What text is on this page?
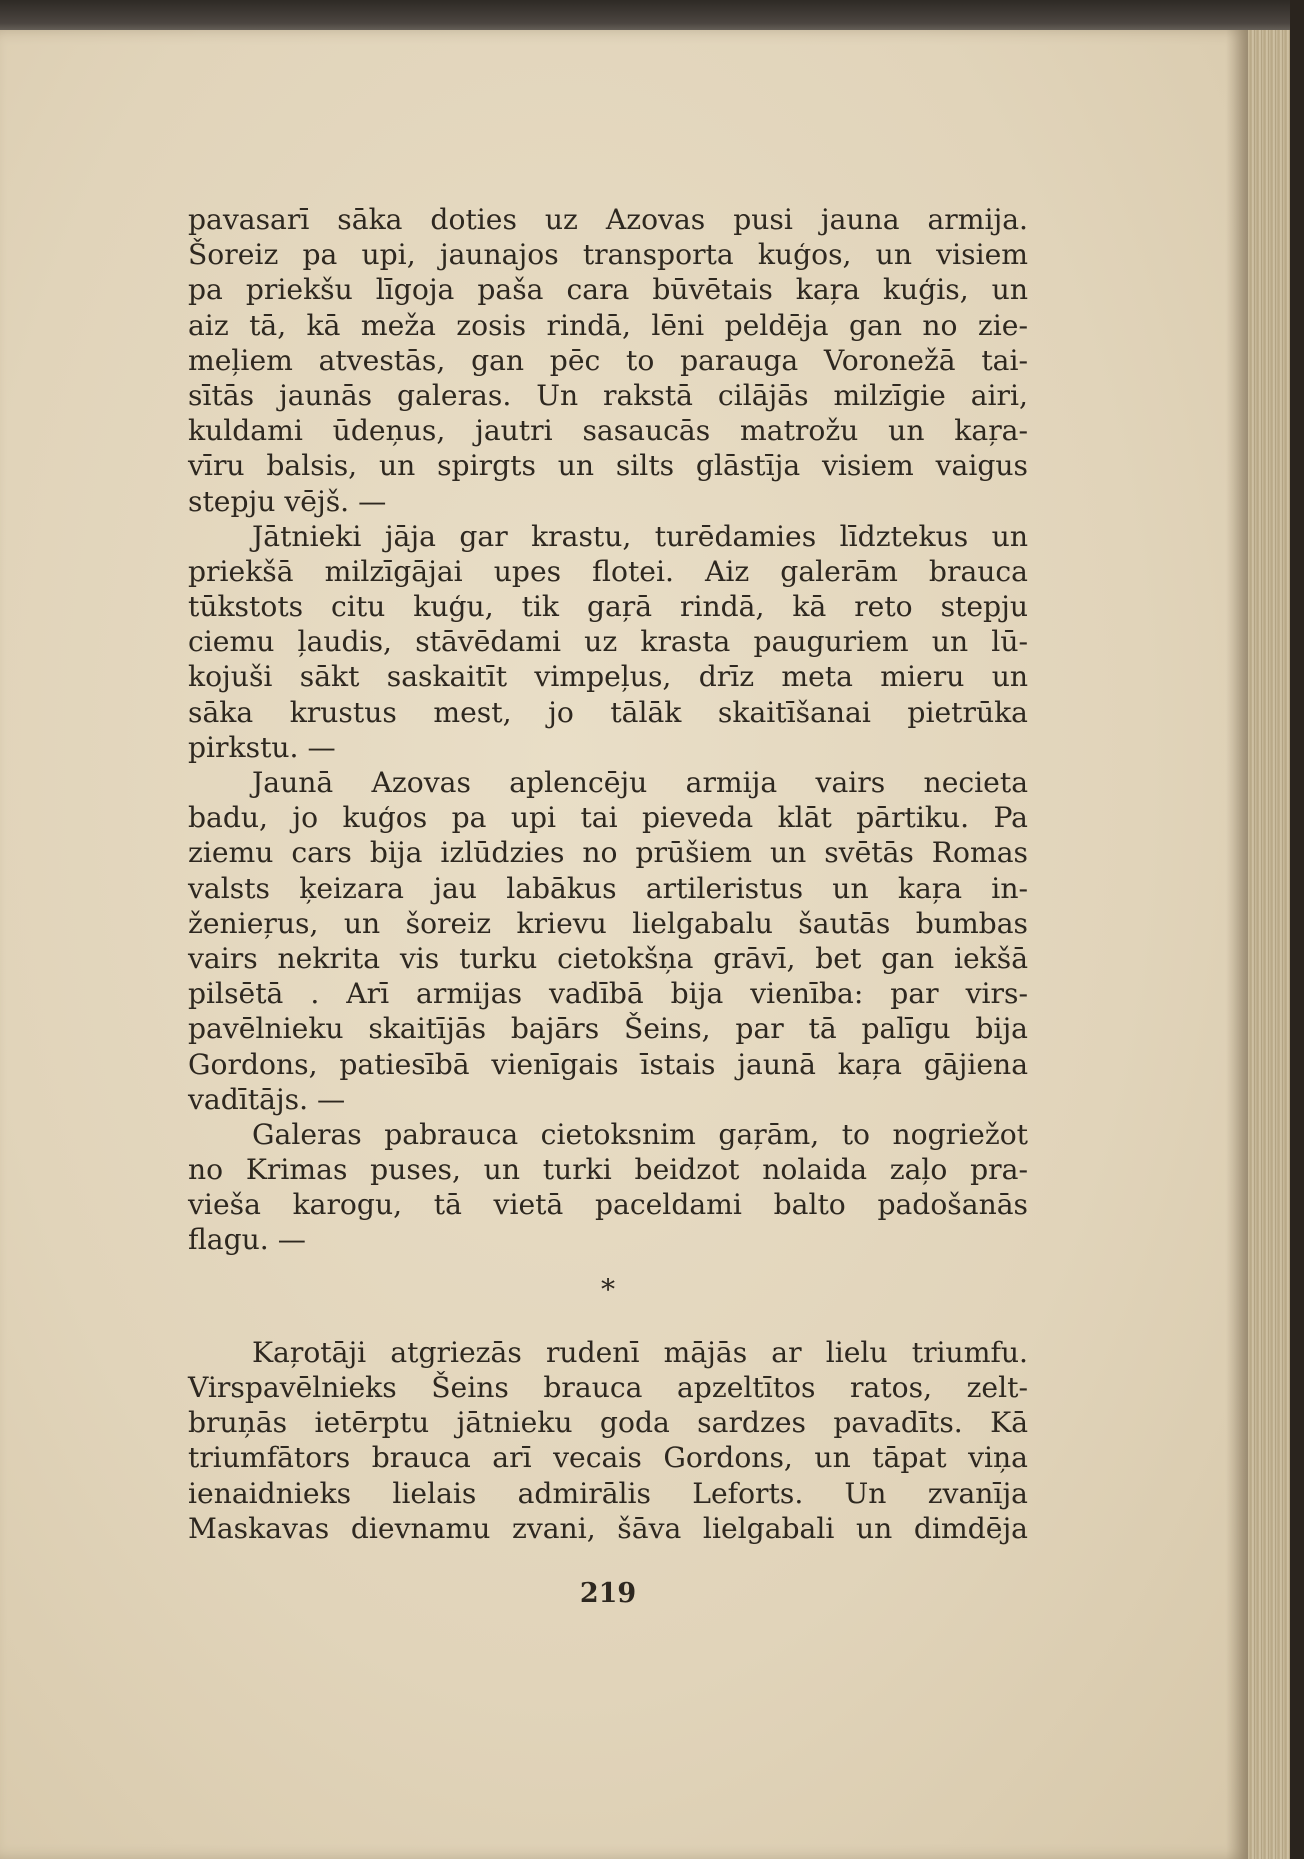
pavasarī sāka doties uz Azovas pusi jauna armija.
Šoreiz pa upi, jaunajos transporta kuģos, un visiem
pa priekšu līgoja paša cara būvētais kaŗa kuģis, un
aiz tā, kā meža zosis rindā, lēni peldēja gan no zie-
meļiem atvestās, gan pēc to parauga Voronežā tai-
sītās jaunās galeras. Un rakstā cilājās milzīgie airi,
kuldami ūdeņus, jautri sasaucās matrožu un kaŗa-
vīru balsis, un spirgts un silts glāstīja visiem vaigus
stepju vējš. —
Jātnieki jāja gar krastu, turēdamies līdztekus un
priekšā milzīgājai upes flotei. Aiz galerām brauca
tūkstots citu kuģu, tik gaŗā rindā, kā reto stepju
ciemu ļaudis, stāvēdami uz krasta pauguriem un lū-
kojuši sākt saskaitīt vimpeļus, drīz meta mieru un
sāka krustus mest, jo tālāk skaitīšanai pietrūka
pirkstu. —
Jaunā Azovas aplencēju armija vairs necieta
badu, jo kuģos pa upi tai pieveda klāt pārtiku. Pa
ziemu cars bija izlūdzies no prūšiem un svētās Romas
valsts ķeizara jau labākus artileristus un kaŗa in-
ženieŗus, un šoreiz krievu lielgabalu šautās bumbas
vairs nekrita vis turku cietokšņa grāvī, bet gan iekšā
pilsētā . Arī armijas vadībā bija vienība: par virs-
pavēlnieku skaitījās bajārs Šeins, par tā palīgu bija
Gordons, patiesībā vienīgais īstais jaunā kaŗa gājiena
vadītājs. —
Galeras pabrauca cietoksnim gaŗām, to nogriežot
no Krimas puses, un turki beidzot nolaida zaļo pra-
vieša karogu, tā vietā paceldami balto padošanās
flagu. —
*
Kaŗotāji atgriezās rudenī mājās ar lielu triumfu.
Virspavēlnieks Šeins brauca apzeltītos ratos, zelt-
bruņās ietērptu jātnieku goda sardzes pavadīts. Kā
triumfātors brauca arī vecais Gordons, un tāpat viņa
ienaidnieks lielais admirālis Leforts. Un zvanīja
Maskavas dievnamu zvani, šāva lielgabali un dimdēja
219
